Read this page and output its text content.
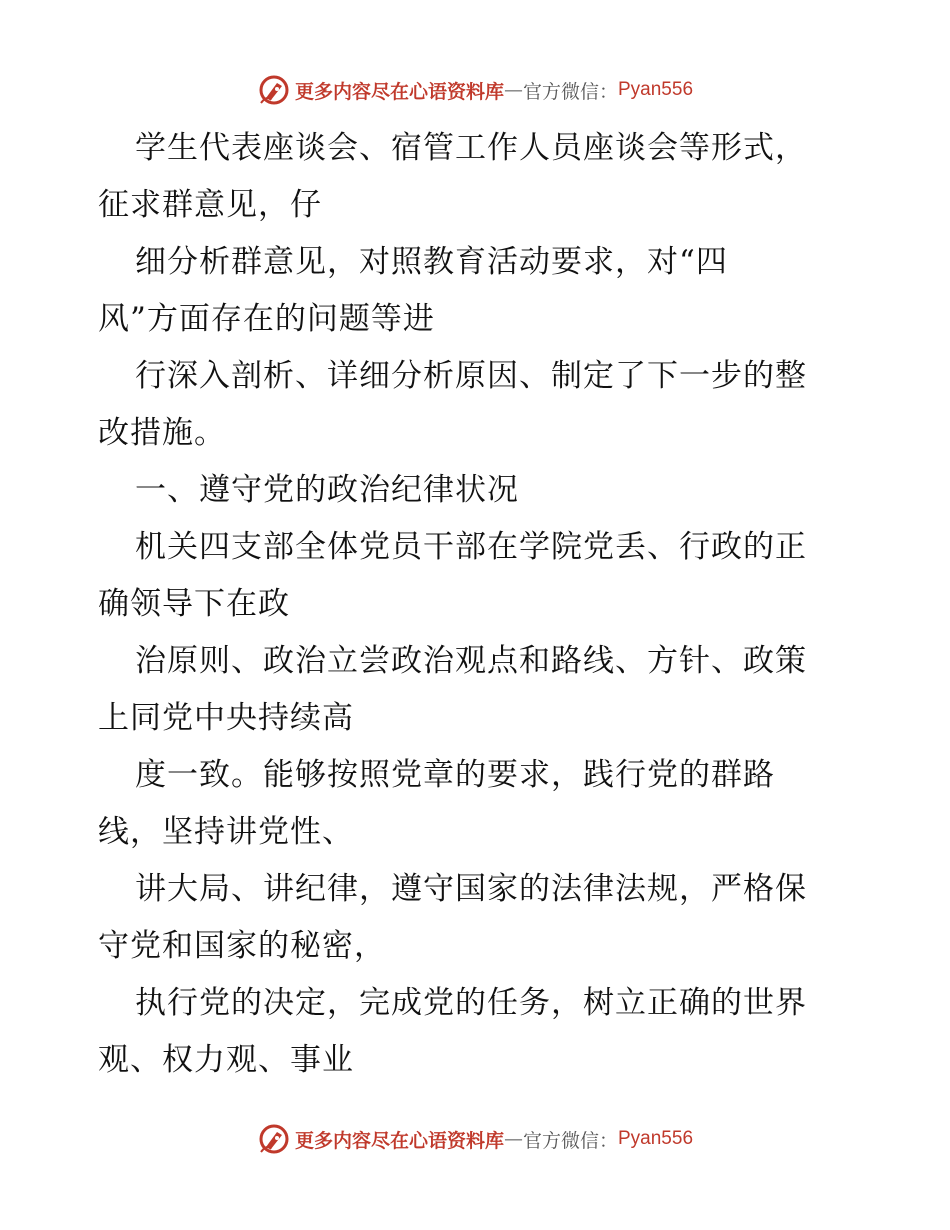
更多内容尽在心语资料库 — 官方微信： Pyan556

学生代表座谈会、宿管工作人员座谈会等形式，
征求群意见，仔

细分析群意见，对照教育活动要求，对“四
风”方面存在的问题等进

行深入剖析、详细分析原因、制定了下一步的整
改措施。

一、遵守党的政治纪律状况

机关四支部全体党员干部在学院党丢、行政的正
确领导下在政

治原则、政治立尝政治观点和路线、方针、政策
上同党中央持续高

度一致。能够按照党章的要求，践行党的群路
线，坚持讲党性、

讲大局、讲纪律，遵守国家的法律法规，严格保
守党和国家的秘密，

执行党的决定，完成党的任务，树立正确的世界
观、权力观、事业

更多内容尽在心语资料库 — 官方微信： Pyan556
